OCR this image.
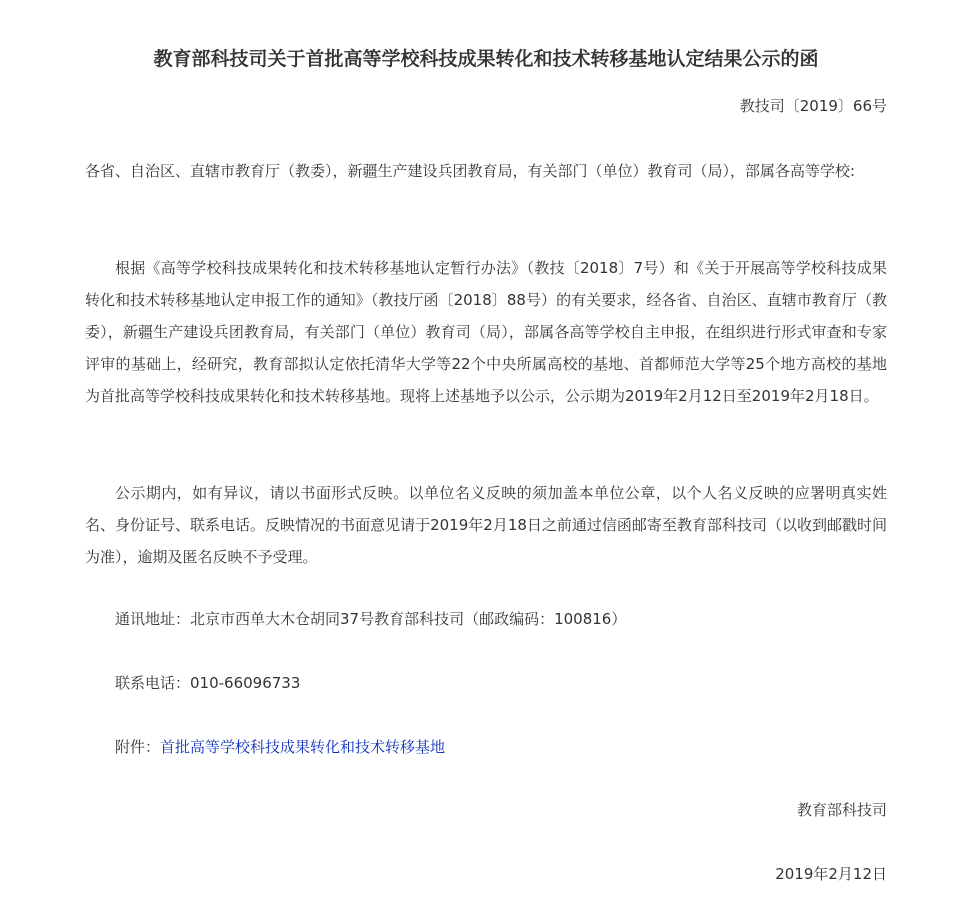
教育部科技司关于首批高等学校科技成果转化和技术转移基地认定结果公示的函
教技司〔2019〕66号

各省、自治区、直辖市教育厅（教委），新疆生产建设兵团教育局，有关部门（单位）教育司（局），部属各高等学校:

根据《高等学校科技成果转化和技术转移基地认定暂行办法》（教技〔2018〕7号）和《关于开展高等学校科技成果转化和技术转移基地认定申报工作的通知》（教技厅函〔2018〕88号）的有关要求，经各省、自治区、直辖市教育厅（教委），新疆生产建设兵团教育局，有关部门（单位）教育司（局），部属各高等学校自主申报，在组织进行形式审查和专家评审的基础上，经研究，教育部拟认定依托清华大学等22个中央所属高校的基地、首都师范大学等25个地方高校的基地为首批高等学校科技成果转化和技术转移基地。现将上述基地予以公示，公示期为2019年2月12日至2019年2月18日。

公示期内，如有异议，请以书面形式反映。以单位名义反映的须加盖本单位公章，以个人名义反映的应署明真实姓名、身份证号、联系电话。反映情况的书面意见请于2019年2月18日之前通过信函邮寄至教育部科技司（以收到邮戳时间为准），逾期及匿名反映不予受理。

通讯地址：北京市西单大木仓胡同37号教育部科技司（邮政编码：100816）

联系电话：010-66096733

附件：首批高等学校科技成果转化和技术转移基地

教育部科技司
2019年2月12日
